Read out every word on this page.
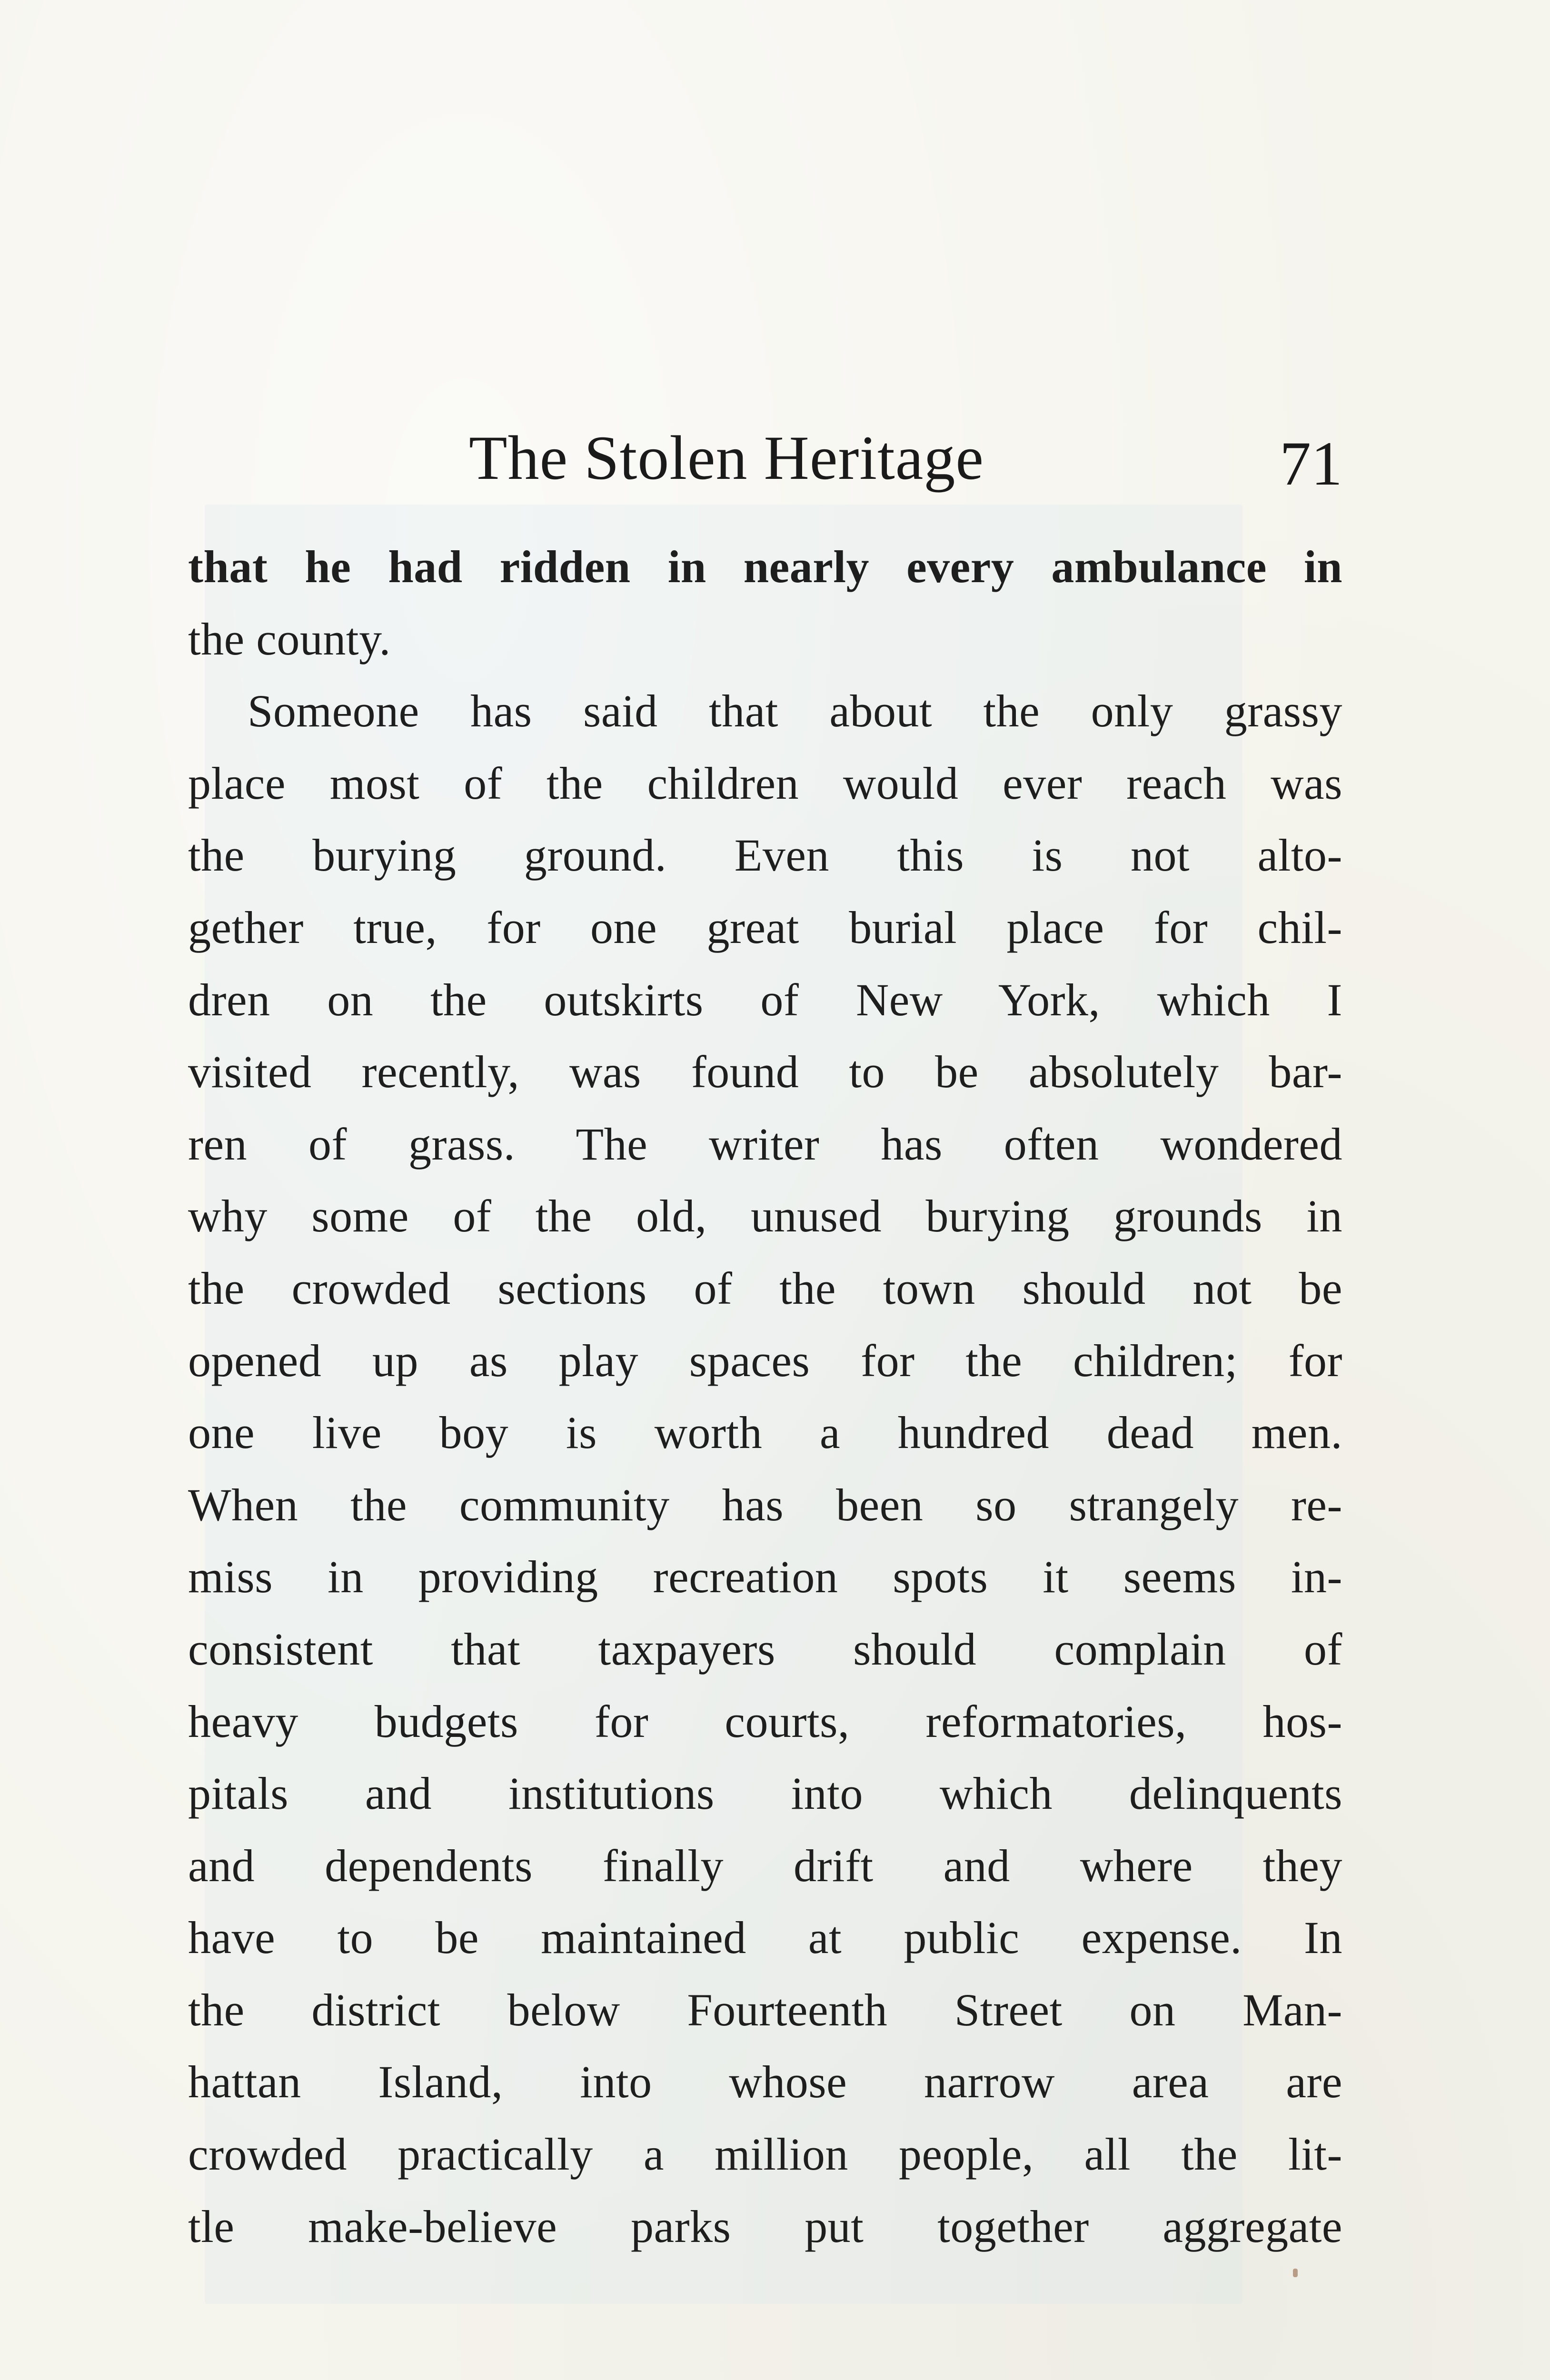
The Stolen Heritage	71
that he had ridden in nearly every ambulance in
the county.
Someone has said that about the only grassy
place most of the children would ever reach was
the burying ground. Even this is not alto-
gether true, for one great burial place for chil-
dren on the outskirts of New York, which I
visited recently, was found to be absolutely bar-
ren of grass. The writer has often wondered
why some of the old, unused burying grounds in
the crowded sections of the town should not be
opened up as play spaces for the children; for
one live boy is worth a hundred dead men.
When the community has been so strangely re-
miss in providing recreation spots it seems in-
consistent that taxpayers should complain of
heavy budgets for courts, reformatories, hos-
pitals and institutions into which delinquents
and dependents finally drift and where they
have to be maintained at public expense. In
the district below Fourteenth Street on Man-
hattan Island, into whose narrow area are
crowded practically a million people, all the lit-
tle make-believe parks put together aggregate
